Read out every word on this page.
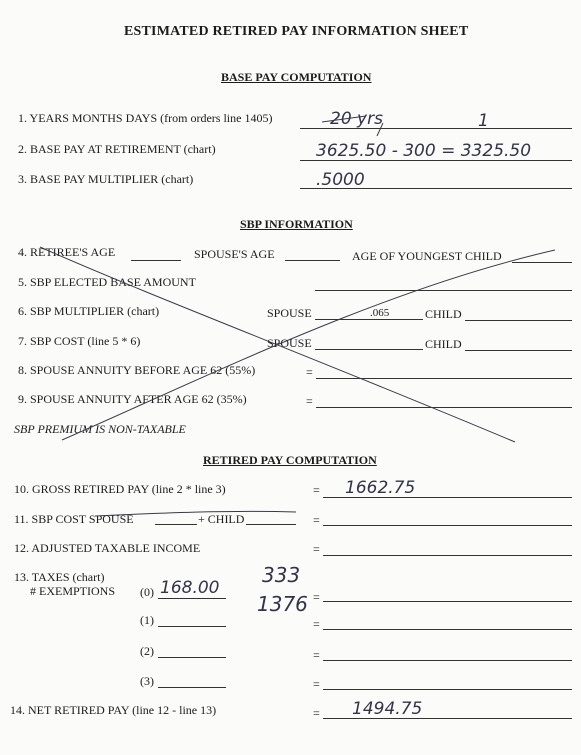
ESTIMATED RETIRED PAY INFORMATION SHEET
BASE PAY COMPUTATION
1. YEARS MONTHS DAYS (from orders line 1405)	20 yrs	1
2. BASE PAY AT RETIREMENT (chart)	3625.50 - 300 = 3325.50
3. BASE PAY MULTIPLIER (chart)	.5000
SBP INFORMATION
4. RETIREE'S AGE	SPOUSE'S AGE	AGE OF YOUNGEST CHILD
5. SBP ELECTED BASE AMOUNT
6. SBP MULTIPLIER (chart)	SPOUSE	.065	CHILD
7. SBP COST (line 5 * 6)	SPOUSE	CHILD
8. SPOUSE ANNUITY BEFORE AGE 62 (55%)	=
9. SPOUSE ANNUITY AFTER AGE 62 (35%)	=
SBP PREMIUM IS NON-TAXABLE
RETIRED PAY COMPUTATION
10. GROSS RETIRED PAY (line 2 * line 3)	= 1662.75
11. SBP COST SPOUSE	+ CHILD	=
12. ADJUSTED TAXABLE INCOME	=
13. TAXES (chart)
# EXEMPTIONS (0) 168.00	=
333
1376
(1)	=
(2)	=
(3)	=
14. NET RETIRED PAY (line 12 - line 13)	= 1494.75
